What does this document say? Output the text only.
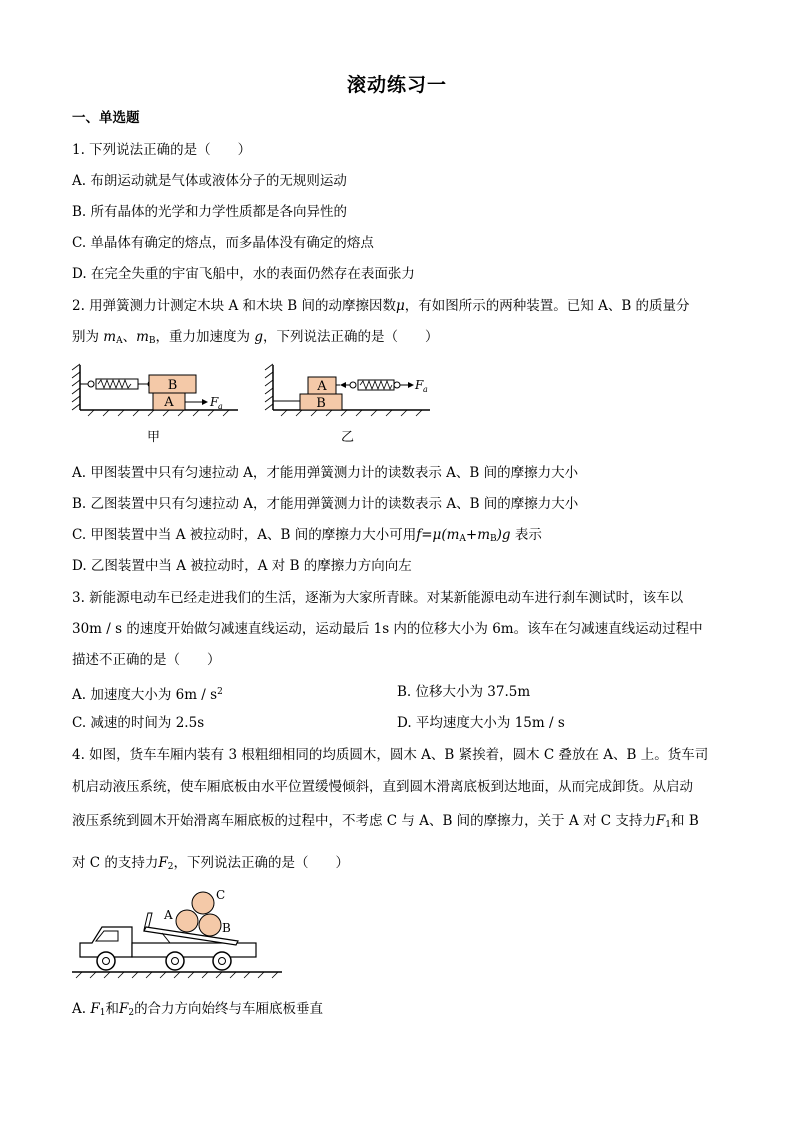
滚动练习一
一、单选题
1. 下列说法正确的是（　　）
A. 布朗运动就是气体或液体分子的无规则运动
B. 所有晶体的光学和力学性质都是各向异性的
C. 单晶体有确定的熔点，而多晶体没有确定的熔点
D. 在完全失重的宇宙飞船中，水的表面仍然存在表面张力
2. 用弹簧测力计测定木块 A 和木块 B 间的动摩擦因数μ，有如图所示的两种装置。已知 A、B 的质量分
别为 $m_A$、$m_B$，重力加速度为 g，下列说法正确的是（　　）
B
A	F a	B
A	F a
甲	乙
A. 甲图装置中只有匀速拉动 A，才能用弹簧测力计的读数表示 A、B 间的摩擦力大小
B. 乙图装置中只有匀速拉动 A，才能用弹簧测力计的读数表示 A、B 间的摩擦力大小
C. 甲图装置中当 A 被拉动时，A、B 间的摩擦力大小可用$f=\mu(m_A+m_B)g$ 表示
D. 乙图装置中当 A 被拉动时，A 对 B 的摩擦力方向向左
3. 新能源电动车已经走进我们的生活，逐渐为大家所青睐。对某新能源电动车进行刹车测试时，该车以
30m / s 的速度开始做匀减速直线运动，运动最后 1s 内的位移大小为 6m。该车在匀减速直线运动过程中
描述不正确的是（　　）
A. 加速度大小为 $6m / s^2$	B. 位移大小为 37.5m
C. 减速的时间为 2.5s	D. 平均速度大小为 15m / s
4. 如图，货车车厢内装有 3 根粗细相同的均质圆木，圆木 A、B 紧挨着，圆木 C 叠放在 A、B 上。货车司
机启动液压系统，使车厢底板由水平位置缓慢倾斜，直到圆木滑离底板到达地面，从而完成卸货。从启动
液压系统到圆木开始滑离车厢底板的过程中，不考虑 C 与 A、B 间的摩擦力，关于 A 对 C 支持力$F_1$和 B
对 C 的支持力$F_2$，下列说法正确的是（　　）
A
B
C
A. $F_1$和$F_2$的合力方向始终与车厢底板垂直
